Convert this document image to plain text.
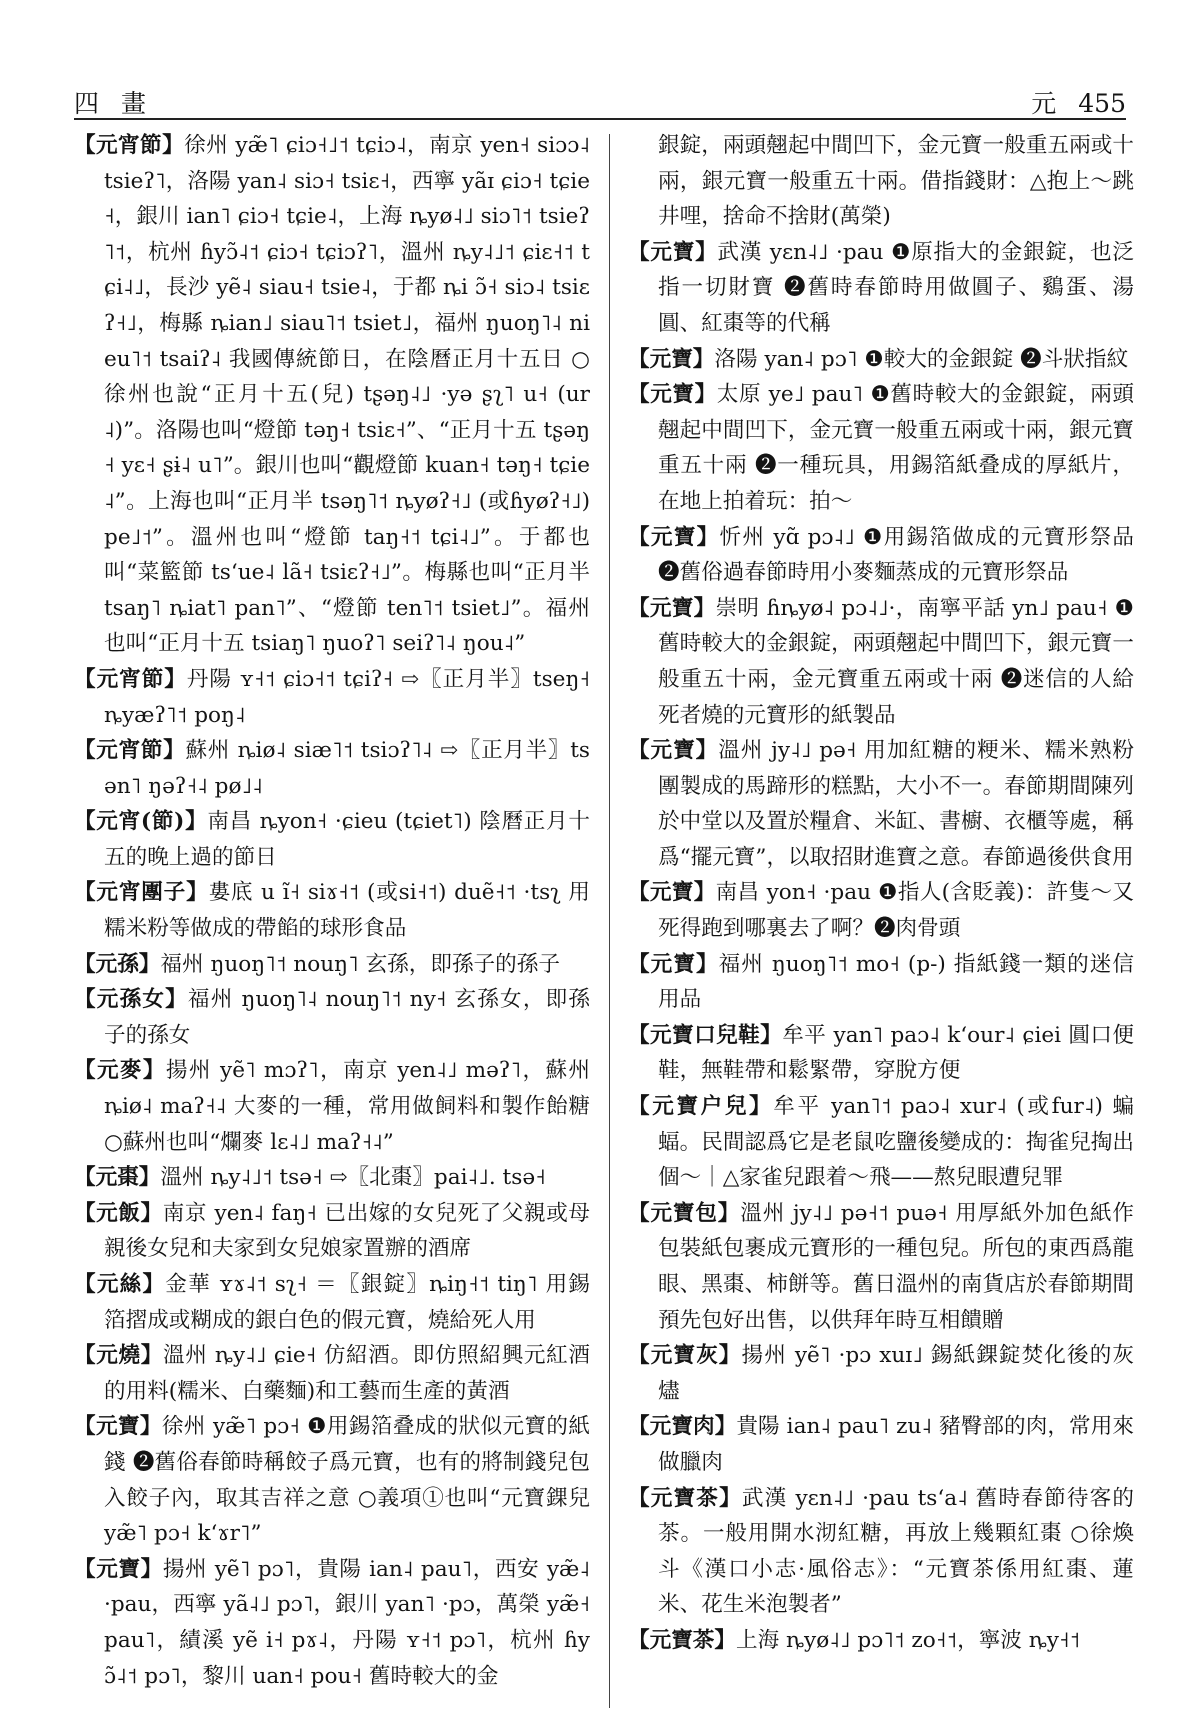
四畫	元 455

【元宵節】徐州 yæ̃˥ ɕiɔ˧˩˦ tɕiɔ˨，南京 yen˧ siɔɔ˨ tsieʔ˥，洛陽 yan˨ siɔ˧ tsiɛ˧，西寧 yãɪ ɕiɔ˧ tɕie˧，銀川 ian˥ ɕiɔ˧ tɕie˨，上海 ȵyø˨˩ siɔ˥˦ tsieʔ˥˦，杭州 ɦyɔ̃˨˦ ɕiɔ˧ tɕiɔʔ˥，溫州 ȵy˨˩˦ ɕiɛ˧˦ tɕi˨˩，長沙 yẽ˨ siau˧ tsie˨，于都 ȵi ɔ̃˧ siɔ˨ tsiɛʔ˧˩，梅縣 ȵian˩ siau˥˦ tsiet˩，福州 ŋuoŋ˥˨ nieu˥˦ tsaiʔ˨ 我國傳統節日，在陰曆正月十五日 ○徐州也說“正月十五(兒) tʂəŋ˨˩ ·yə ʂʅ˥ u˧ (ur˨)”。洛陽也叫“燈節 təŋ˧ tsiɛ˧”、“正月十五 tʂəŋ˧ yɛ˧ ʂɨ˨ u˥”。銀川也叫“觀燈節 kuan˧ təŋ˧ tɕie˨”。上海也叫“正月半 tsəŋ˥˦ ȵyøʔ˧˩ (或ɦyøʔ˧˩) pe˩˦”。溫州也叫“燈節 taŋ˧˦ tɕi˨˩”。于都也叫“菜籃節 tsʻue˨ lã˧ tsiɛʔ˧˩”。梅縣也叫“正月半 tsaŋ˥ ȵiat˥ pan˥”、“燈節 ten˥˦ tsiet˩”。福州也叫“正月十五 tsiaŋ˥ ŋuoʔ˥ seiʔ˥˨ ŋou˨”

【元宵節】丹陽 ʏ˧˦ ɕiɔ˧˦ tɕiʔ˧ ⇨〖正月半〗tseŋ˧ ȵyæʔ˥˦ poŋ˨

【元宵節】蘇州 ȵiø˨ siæ˥˦ tsiɔʔ˥˨ ⇨〖正月半〗tsən˥ ŋəʔ˧˨ pø˩˨

【元宵(節)】南昌 ȵyon˧ ·ɕieu (tɕiet˥) 陰曆正月十五的晚上過的節日

【元宵團子】婁底 u ĩ˧ siɤ˧˦ (或si˧˦) duẽ˧˦ ·tsʅ 用糯米粉等做成的帶餡的球形食品

【元孫】福州 ŋuoŋ˥˦ nouŋ˥ 玄孫，即孫子的孫子

【元孫女】福州 ŋuoŋ˥˨ nouŋ˥˦ ny˧ 玄孫女，即孫子的孫女

【元麥】揚州 yẽ˥ mɔʔ˥，南京 yen˨˩ məʔ˥，蘇州 ȵiø˨ maʔ˧˨ 大麥的一種，常用做飼料和製作飴糖 ○蘇州也叫“爛麥 lɛ˨˩ maʔ˧˨”

【元棗】溫州 ȵy˨˩˦ tsə˧ ⇨〖北棗〗pai˨˩. tsə˧

【元飯】南京 yen˨ faŋ˧ 已出嫁的女兒死了父親或母親後女兒和夫家到女兒娘家置辦的酒席

【元絲】金華 ʏɤ˨˦ sʅ˧ ＝〖銀錠〗ȵiŋ˧˦ tiŋ˥ 用錫箔摺成或糊成的銀白色的假元寶，燒給死人用

【元燒】溫州 ȵy˨˩ ɕie˧ 仿紹酒。即仿照紹興元紅酒的用料(糯米、白藥麵)和工藝而生產的黃酒

【元寶】徐州 yæ̃˥ pɔ˧ ❶用錫箔叠成的狀似元寶的紙錢 ❷舊俗春節時稱餃子爲元寶，也有的將制錢兒包入餃子內，取其吉祥之意 ○義項①也叫“元寶錁兒 yæ̃˥ pɔ˧ kʻɤr˥”

【元寶】揚州 yẽ˥ pɔ˥，貴陽 ian˨ pau˥，西安 yæ̃˨ ·pau，西寧 yã˨˩ pɔ˥，銀川 yan˥ ·pɔ，萬榮 yæ̃˧ pau˥，績溪 yẽ i˧ pɤ˨，丹陽 ʏ˧˦ pɔ˥，杭州 ɦyɔ̃˨˦ pɔ˥，黎川 uan˧ pou˧ 舊時較大的金

銀錠，兩頭翹起中間凹下，金元寶一般重五兩或十兩，銀元寶一般重五十兩。借指錢財：△抱上～跳井哩，捨命不捨財(萬榮)

【元寶】武漢 yɛn˨˩ ·pau ❶原指大的金銀錠，也泛指一切財寶 ❷舊時春節時用做圓子、鷄蛋、湯圓、紅棗等的代稱

【元寶】洛陽 yan˨ pɔ˥ ❶較大的金銀錠 ❷斗狀指紋

【元寶】太原 ye˩ pau˥ ❶舊時較大的金銀錠，兩頭翹起中間凹下，金元寶一般重五兩或十兩，銀元寶重五十兩 ❷一種玩具，用錫箔紙叠成的厚紙片，在地上拍着玩：拍～

【元寶】忻州 yɑ̃ pɔ˨˩ ❶用錫箔做成的元寶形祭品 ❷舊俗過春節時用小麥麵蒸成的元寶形祭品

【元寶】崇明 ɦȵyø˨ pɔ˨˩·，南寧平話 yn˩ pau˧ ❶舊時較大的金銀錠，兩頭翹起中間凹下，銀元寶一般重五十兩，金元寶重五兩或十兩 ❷迷信的人給死者燒的元寶形的紙製品

【元寶】溫州 jy˨˩ pə˧ 用加紅糖的粳米、糯米熟粉團製成的馬蹄形的糕點，大小不一。春節期間陳列於中堂以及置於糧倉、米缸、書櫥、衣櫃等處，稱爲“擺元寶”，以取招財進寶之意。春節過後供食用

【元寶】南昌 yon˧ ·pau ❶指人(含貶義)：許隻～又死得跑到哪裏去了啊？❷肉骨頭

【元寶】福州 ŋuoŋ˥˦ mo˧ (p-) 指紙錢一類的迷信用品

【元寶口兒鞋】牟平 yan˥ paɔ˨ kʻour˨ ɕiei 圓口便鞋，無鞋帶和鬆緊帶，穿脫方便

【元寶户兒】牟平 yan˥˦ paɔ˨ xur˨ (或fur˨) 蝙蝠。民間認爲它是老鼠吃鹽後變成的：掏雀兒掏出個～｜△家雀兒跟着～飛——熬兒眼遭兒罪

【元寶包】溫州 jy˨˩ pə˧˦ puə˧ 用厚紙外加色紙作包裝紙包裹成元寶形的一種包兒。所包的東西爲龍眼、黑棗、柿餅等。舊日溫州的南貨店於春節期間預先包好出售，以供拜年時互相饋贈

【元寶灰】揚州 yẽ˥ ·pɔ xuɪ˩ 錫紙錁錠焚化後的灰燼

【元寶肉】貴陽 ian˨ pau˥ zu˨ 豬臀部的肉，常用來做臘肉

【元寶茶】武漢 yɛn˨˩ ·pau tsʻa˨ 舊時春節待客的茶。一般用開水沏紅糖，再放上幾顆紅棗 ○徐煥斗《漢口小志·風俗志》：“元寶茶係用紅棗、蓮米、花生米泡製者”

【元寶茶】上海 ȵyø˨˩ pɔ˥˦ zo˧˦，寧波 ȵy˧˦
